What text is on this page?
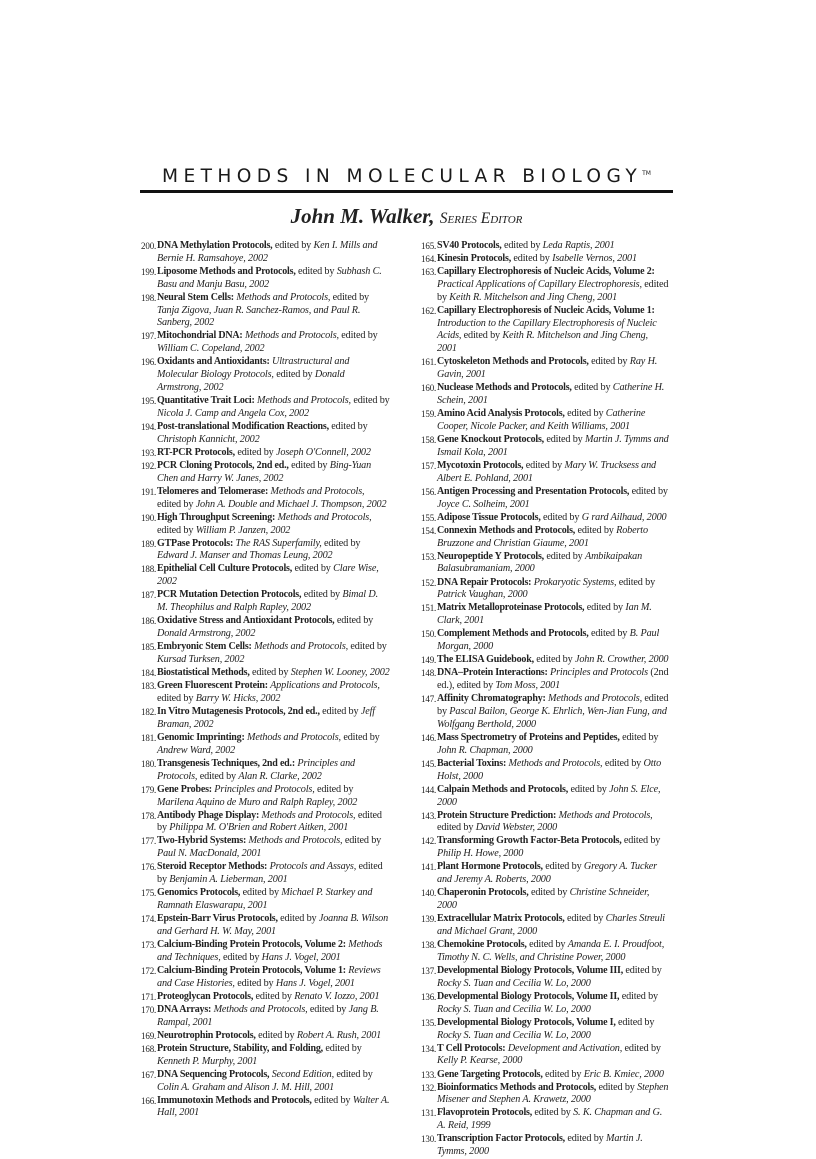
METHODS IN MOLECULAR BIOLOGY™
John M. Walker, Series Editor
200. DNA Methylation Protocols, edited by Ken I. Mills and Bernie H. Ramsahoye, 2002
199. Liposome Methods and Protocols, edited by Subhash C. Basu and Manju Basu, 2002
198. Neural Stem Cells: Methods and Protocols, edited by Tanja Zigova, Juan R. Sanchez-Ramos, and Paul R. Sanberg, 2002
197. Mitochondrial DNA: Methods and Protocols, edited by William C. Copeland, 2002
196. Oxidants and Antioxidants: Ultrastructural and Molecular Biology Protocols, edited by Donald Armstrong, 2002
195. Quantitative Trait Loci: Methods and Protocols, edited by Nicola J. Camp and Angela Cox, 2002
194. Post-translational Modification Reactions, edited by Christoph Kannicht, 2002
193. RT-PCR Protocols, edited by Joseph O'Connell, 2002
192. PCR Cloning Protocols, 2nd ed., edited by Bing-Yuan Chen and Harry W. Janes, 2002
191. Telomeres and Telomerase: Methods and Protocols, edited by John A. Double and Michael J. Thompson, 2002
190. High Throughput Screening: Methods and Protocols, edited by William P. Janzen, 2002
189. GTPase Protocols: The RAS Superfamily, edited by Edward J. Manser and Thomas Leung, 2002
188. Epithelial Cell Culture Protocols, edited by Clare Wise, 2002
187. PCR Mutation Detection Protocols, edited by Bimal D. M. Theophilus and Ralph Rapley, 2002
186. Oxidative Stress and Antioxidant Protocols, edited by Donald Armstrong, 2002
185. Embryonic Stem Cells: Methods and Protocols, edited by Kursad Turksen, 2002
184. Biostatistical Methods, edited by Stephen W. Looney, 2002
183. Green Fluorescent Protein: Applications and Protocols, edited by Barry W. Hicks, 2002
182. In Vitro Mutagenesis Protocols, 2nd ed., edited by Jeff Braman, 2002
181. Genomic Imprinting: Methods and Protocols, edited by Andrew Ward, 2002
180. Transgenesis Techniques, 2nd ed.: Principles and Protocols, edited by Alan R. Clarke, 2002
179. Gene Probes: Principles and Protocols, edited by Marilena Aquino de Muro and Ralph Rapley, 2002
178. Antibody Phage Display: Methods and Protocols, edited by Philippa M. O'Brien and Robert Aitken, 2001
177. Two-Hybrid Systems: Methods and Protocols, edited by Paul N. MacDonald, 2001
176. Steroid Receptor Methods: Protocols and Assays, edited by Benjamin A. Lieberman, 2001
175. Genomics Protocols, edited by Michael P. Starkey and Ramnath Elaswarapu, 2001
174. Epstein-Barr Virus Protocols, edited by Joanna B. Wilson and Gerhard H. W. May, 2001
173. Calcium-Binding Protein Protocols, Volume 2: Methods and Techniques, edited by Hans J. Vogel, 2001
172. Calcium-Binding Protein Protocols, Volume 1: Reviews and Case Histories, edited by Hans J. Vogel, 2001
171. Proteoglycan Protocols, edited by Renato V. Iozzo, 2001
170. DNA Arrays: Methods and Protocols, edited by Jang B. Rampal, 2001
169. Neurotrophin Protocols, edited by Robert A. Rush, 2001
168. Protein Structure, Stability, and Folding, edited by Kenneth P. Murphy, 2001
167. DNA Sequencing Protocols, Second Edition, edited by Colin A. Graham and Alison J. M. Hill, 2001
166. Immunotoxin Methods and Protocols, edited by Walter A. Hall, 2001
165. SV40 Protocols, edited by Leda Raptis, 2001
164. Kinesin Protocols, edited by Isabelle Vernos, 2001
163. Capillary Electrophoresis of Nucleic Acids, Volume 2: Practical Applications of Capillary Electrophoresis, edited by Keith R. Mitchelson and Jing Cheng, 2001
162. Capillary Electrophoresis of Nucleic Acids, Volume 1: Introduction to the Capillary Electrophoresis of Nucleic Acids, edited by Keith R. Mitchelson and Jing Cheng, 2001
161. Cytoskeleton Methods and Protocols, edited by Ray H. Gavin, 2001
160. Nuclease Methods and Protocols, edited by Catherine H. Schein, 2001
159. Amino Acid Analysis Protocols, edited by Catherine Cooper, Nicole Packer, and Keith Williams, 2001
158. Gene Knockout Protocols, edited by Martin J. Tymms and Ismail Kola, 2001
157. Mycotoxin Protocols, edited by Mary W. Trucksess and Albert E. Pohland, 2001
156. Antigen Processing and Presentation Protocols, edited by Joyce C. Solheim, 2001
155. Adipose Tissue Protocols, edited by G rard Ailhaud, 2000
154. Connexin Methods and Protocols, edited by Roberto Bruzzone and Christian Giaume, 2001
153. Neuropeptide Y Protocols, edited by Ambikaipakan Balasubramaniam, 2000
152. DNA Repair Protocols: Prokaryotic Systems, edited by Patrick Vaughan, 2000
151. Matrix Metalloproteinase Protocols, edited by Ian M. Clark, 2001
150. Complement Methods and Protocols, edited by B. Paul Morgan, 2000
149. The ELISA Guidebook, edited by John R. Crowther, 2000
148. DNA–Protein Interactions: Principles and Protocols (2nd ed.), edited by Tom Moss, 2001
147. Affinity Chromatography: Methods and Protocols, edited by Pascal Bailon, George K. Ehrlich, Wen-Jian Fung, and Wolfgang Berthold, 2000
146. Mass Spectrometry of Proteins and Peptides, edited by John R. Chapman, 2000
145. Bacterial Toxins: Methods and Protocols, edited by Otto Holst, 2000
144. Calpain Methods and Protocols, edited by John S. Elce, 2000
143. Protein Structure Prediction: Methods and Protocols, edited by David Webster, 2000
142. Transforming Growth Factor-Beta Protocols, edited by Philip H. Howe, 2000
141. Plant Hormone Protocols, edited by Gregory A. Tucker and Jeremy A. Roberts, 2000
140. Chaperonin Protocols, edited by Christine Schneider, 2000
139. Extracellular Matrix Protocols, edited by Charles Streuli and Michael Grant, 2000
138. Chemokine Protocols, edited by Amanda E. I. Proudfoot, Timothy N. C. Wells, and Christine Power, 2000
137. Developmental Biology Protocols, Volume III, edited by Rocky S. Tuan and Cecilia W. Lo, 2000
136. Developmental Biology Protocols, Volume II, edited by Rocky S. Tuan and Cecilia W. Lo, 2000
135. Developmental Biology Protocols, Volume I, edited by Rocky S. Tuan and Cecilia W. Lo, 2000
134. T Cell Protocols: Development and Activation, edited by Kelly P. Kearse, 2000
133. Gene Targeting Protocols, edited by Eric B. Kmiec, 2000
132. Bioinformatics Methods and Protocols, edited by Stephen Misener and Stephen A. Krawetz, 2000
131. Flavoprotein Protocols, edited by S. K. Chapman and G. A. Reid, 1999
130. Transcription Factor Protocols, edited by Martin J. Tymms, 2000
